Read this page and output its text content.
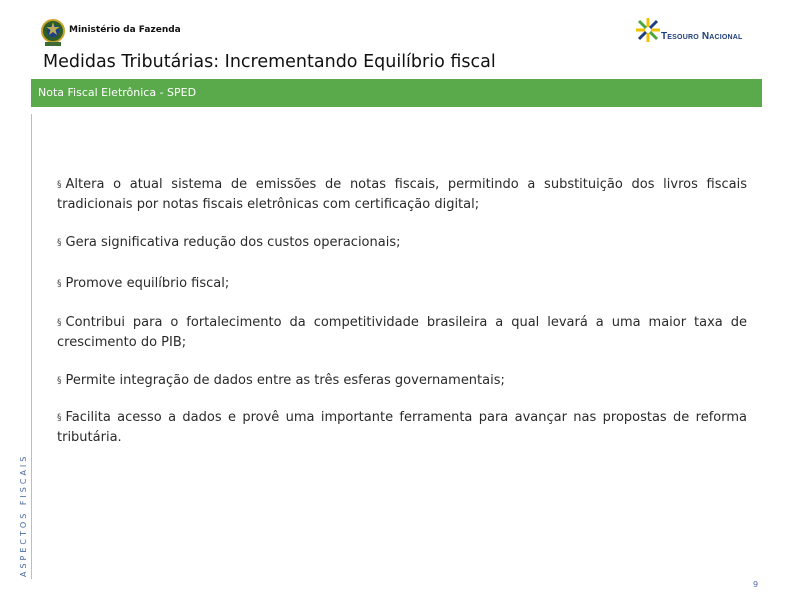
Ministério da Fazenda
Tesouro Nacional
Medidas Tributárias: Incrementando Equilíbrio fiscal
Nota Fiscal Eletrônica - SPED
ASPECTOS FISCAIS
§ Altera o atual sistema de emissões de notas fiscais, permitindo a substituição dos livros fiscais tradicionais por notas fiscais eletrônicas com certificação digital;
§ Gera significativa redução dos custos operacionais;
§ Promove equilíbrio fiscal;
§ Contribui para o fortalecimento da competitividade brasileira a qual levará a uma maior taxa de crescimento do PIB;
§ Permite integração de dados entre as três esferas governamentais;
§ Facilita acesso a dados e provê uma importante ferramenta para avançar nas propostas de reforma tributária.
9
